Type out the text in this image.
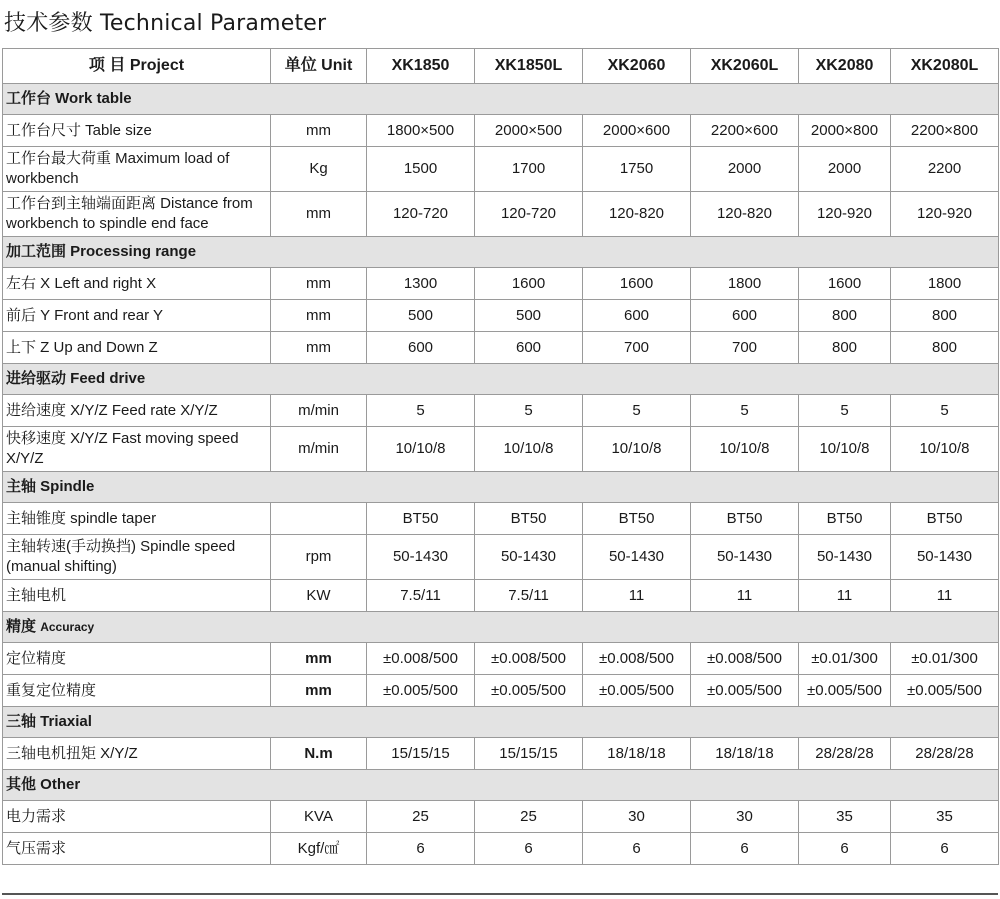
技术参数 Technical Parameter
项 目 Project	单位 Unit	XK1850	XK1850L	XK2060	XK2060L	XK2080	XK2080L
工作台 Work table							
工作台尺寸 Table size	mm	1800×500	2000×500	2000×600	2200×600	2000×800	2200×800
工作台最大荷重 Maximum load of workbench	Kg	1500	1700	1750	2000	2000	2200
工作台到主轴端面距离 Distance from workbench to spindle end face	mm	120-720	120-720	120-820	120-820	120-920	120-920
加工范围 Processing range							
左右 X Left and right X	mm	1300	1600	1600	1800	1600	1800
前后 Y Front and rear Y	mm	500	500	600	600	800	800
上下 Z Up and Down Z	mm	600	600	700	700	800	800
进给驱动 Feed drive							
进给速度 X/Y/Z Feed rate X/Y/Z	m/min	5	5	5	5	5	5
快移速度 X/Y/Z Fast moving speed X/Y/Z	m/min	10/10/8	10/10/8	10/10/8	10/10/8	10/10/8	10/10/8
主轴 Spindle							
主轴锥度 spindle taper		BT50	BT50	BT50	BT50	BT50	BT50
主轴转速(手动换挡) Spindle speed (manual shifting)	rpm	50-1430	50-1430	50-1430	50-1430	50-1430	50-1430
主轴电机	KW	7.5/11	7.5/11	11	11	11	11
精度 Accuracy							
定位精度	mm	±0.008/500	±0.008/500	±0.008/500	±0.008/500	±0.01/300	±0.01/300
重复定位精度	mm	±0.005/500	±0.005/500	±0.005/500	±0.005/500	±0.005/500	±0.005/500
三轴 Triaxial							
三轴电机扭矩 X/Y/Z	N.m	15/15/15	15/15/15	18/18/18	18/18/18	28/28/28	28/28/28
其他 Other							
电力需求	KVA	25	25	30	30	35	35
气压需求	Kgf/㎠	6	6	6	6	6	6
